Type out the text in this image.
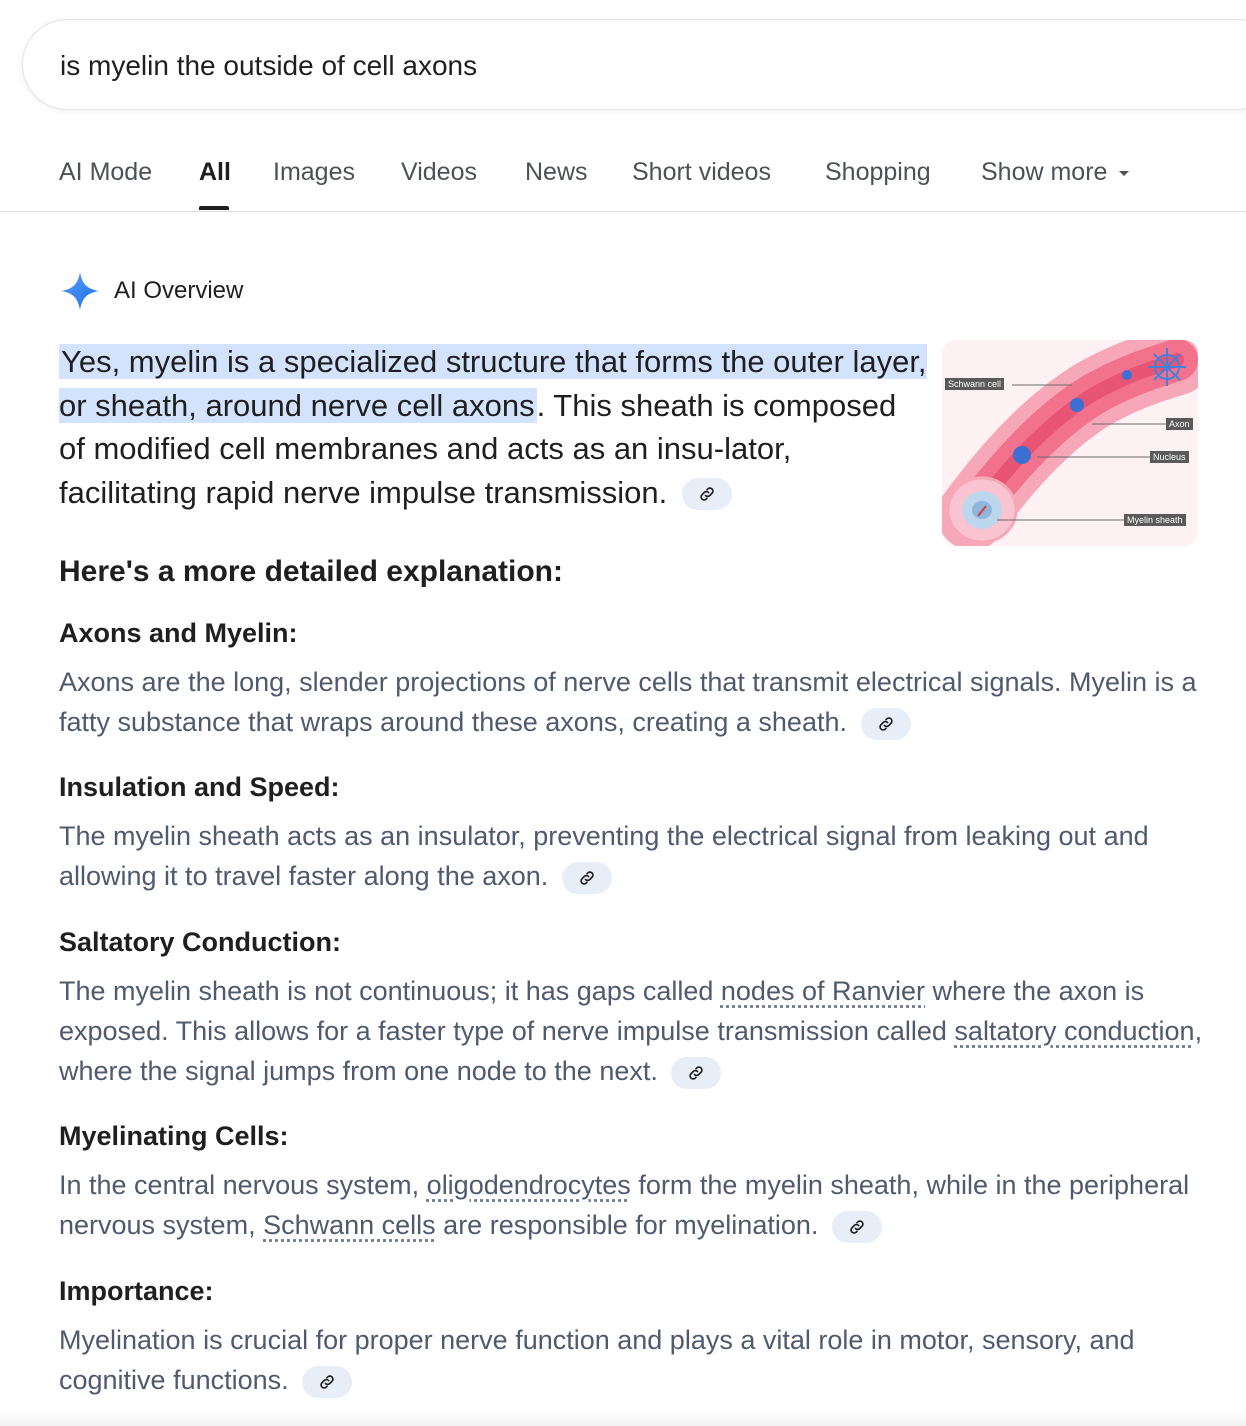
is myelin the outside of cell axons
AI Mode All Images Videos News Short videos Shopping Show more
AI Overview
Yes, myelin is a specialized structure that forms the outer layer, or sheath, around nerve cell axons. This sheath is composed of modified cell membranes and acts as an insu-lator, facilitating rapid nerve impulse transmission.
Schwann cell
Axon
Nucleus
Myelin sheath
Here's a more detailed explanation:
Axons and Myelin:
Axons are the long, slender projections of nerve cells that transmit electrical signals. Myelin is a fatty substance that wraps around these axons, creating a sheath.
Insulation and Speed:
The myelin sheath acts as an insulator, preventing the electrical signal from leaking out and allowing it to travel faster along the axon.
Saltatory Conduction:
The myelin sheath is not continuous; it has gaps called nodes of Ranvier where the axon is exposed. This allows for a faster type of nerve impulse transmission called saltatory conduction, where the signal jumps from one node to the next.
Myelinating Cells:
In the central nervous system, oligodendrocytes form the myelin sheath, while in the peripheral nervous system, Schwann cells are responsible for myelination.
Importance:
Myelination is crucial for proper nerve function and plays a vital role in motor, sensory, and cognitive functions.
